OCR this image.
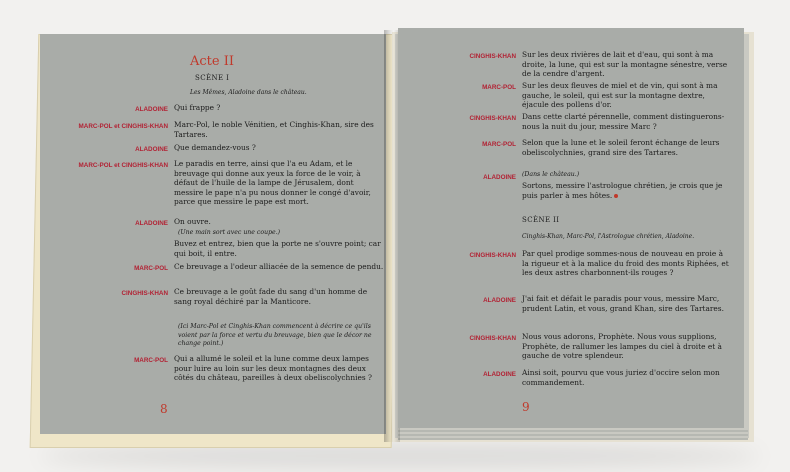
Acte II
SCÈNE I
Les Mêmes, Aladoine dans le château.
ALADOINE Qui frappe ?
MARC-POL et CINGHIS-KHAN Marc-Pol, le noble Vénitien, et Cinghis-Khan, sire des Tartares.
ALADOINE Que demandez-vous ?
MARC-POL et CINGHIS-KHAN Le paradis en terre, ainsi que l'a eu Adam, et le breuvage qui donne aux yeux la force de le voir, à défaut de l'huile de la lampe de Jérusalem, dont messire le pape n'a pu nous donner le congé d'avoir, parce que messire le pape est mort.
ALADOINE On ouvre.
(Une main sort avec une coupe.)
Buvez et entrez, bien que la porte ne s'ouvre point; car qui boit, il entre.
MARC-POL Ce breuvage a l'odeur alliacée de la semence de pendu.
CINGHIS-KHAN Ce breuvage a le goût fade du sang d'un homme de sang royal déchiré par la Manticore.
(Ici Marc-Pol et Cinghis-Khan commencent à décrire ce qu'ils voient par la force et vertu du breuvage, bien que le décor ne change point.)
MARC-POL Qui a allumé le soleil et la lune comme deux lampes pour luire au loin sur les deux montagnes des deux côtés du château, pareilles à deux obeliscolychnies ?
8
CINGHIS-KHAN Sur les deux rivières de lait et d'eau, qui sont à ma droite, la lune, qui est sur la montagne sénestre, verse de la cendre d'argent.
MARC-POL Sur les deux fleuves de miel et de vin, qui sont à ma gauche, le soleil, qui est sur la montagne dextre, éjacule des pollens d'or.
CINGHIS-KHAN Dans cette clarté pérennelle, comment distinguerons-nous la nuit du jour, messire Marc ?
MARC-POL Selon que la lune et le soleil feront échange de leurs obeliscolychnies, grand sire des Tartares.
ALADOINE (Dans le château.)
Sortons, messire l'astrologue chrétien, je crois que je puis parler à mes hôtes.
SCÈNE II
Cinghis-Khan, Marc-Pol, l'Astrologue chrétien, Aladoine.
CINGHIS-KHAN Par quel prodige sommes-nous de nouveau en proie à la rigueur et à la malice du froid des monts Riphées, et les deux astres charbonnent-ils rouges ?
ALADOINE J'ai fait et défait le paradis pour vous, messire Marc, prudent Latin, et vous, grand Khan, sire des Tartares.
CINGHIS-KHAN Nous vous adorons, Prophète. Nous vous supplions, Prophète, de rallumer les lampes du ciel à droite et à gauche de votre splendeur.
ALADOINE Ainsi soit, pourvu que vous juriez d'occire selon mon commandement.
9
